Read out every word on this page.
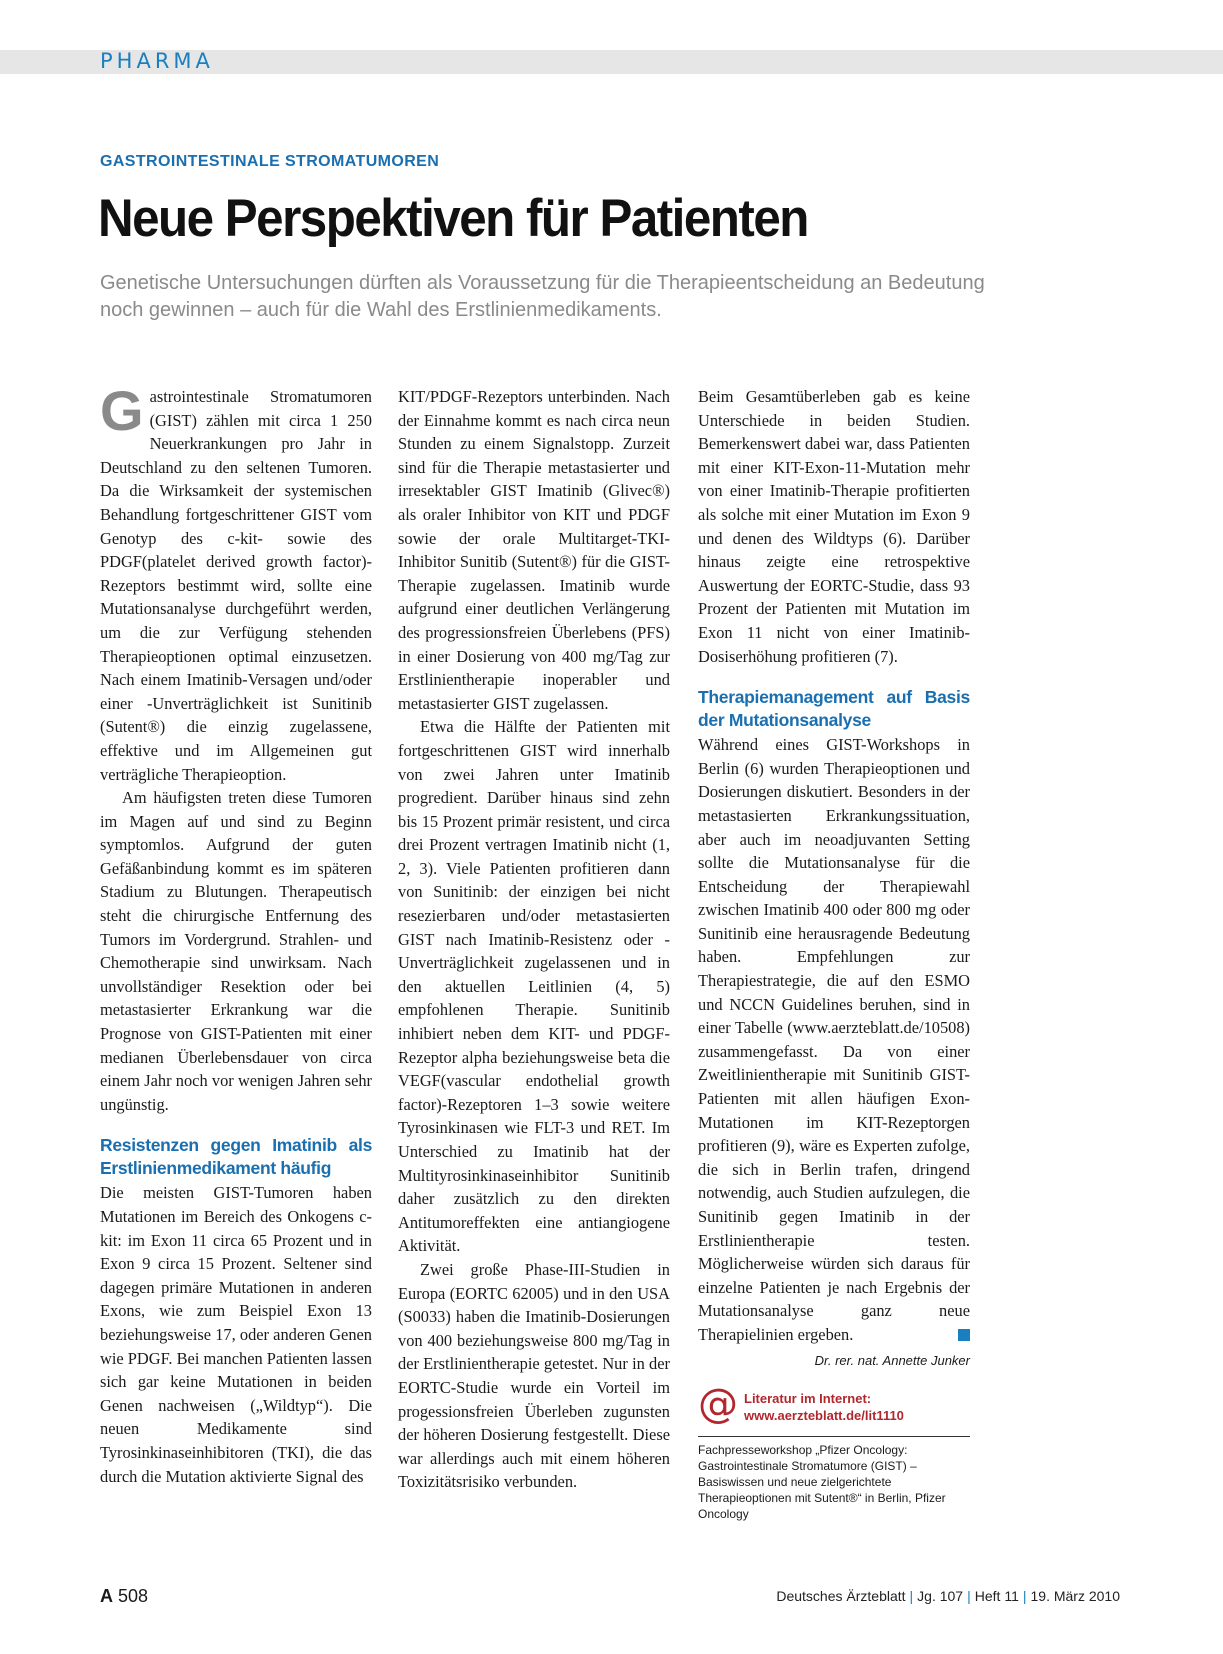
PHARMA
GASTROINTESTINALE STROMATUMOREN
Neue Perspektiven für Patienten
Genetische Untersuchungen dürften als Voraussetzung für die Therapieentscheidung an Bedeutung noch gewinnen – auch für die Wahl des Erstlinienmedikaments.

Gastrointestinale Stromatumoren (GIST) zählen mit circa 1 250 Neuerkrankungen pro Jahr in Deutschland zu den seltenen Tumoren. Da die Wirksamkeit der systemischen Behandlung fortgeschrittener GIST vom Genotyp des c-kit- sowie des PDGF(platelet derived growth factor)-Rezeptors bestimmt wird, sollte eine Mutationsanalyse durchgeführt werden, um die zur Verfügung stehenden Therapieoptionen optimal einzusetzen. Nach einem Imatinib-Versagen und/oder einer -Unverträglichkeit ist Sunitinib (Sutent®) die einzig zugelassene, effektive und im Allgemeinen gut verträgliche Therapieoption.

Am häufigsten treten diese Tumoren im Magen auf und sind zu Beginn symptomlos. Aufgrund der guten Gefäßanbindung kommt es im späteren Stadium zu Blutungen. Therapeutisch steht die chirurgische Entfernung des Tumors im Vordergrund. Strahlen- und Chemotherapie sind unwirksam. Nach unvollständiger Resektion oder bei metastasierter Erkrankung war die Prognose von GIST-Patienten mit einer medianen Überlebensdauer von circa einem Jahr noch vor wenigen Jahren sehr ungünstig.

Resistenzen gegen Imatinib als Erstlinienmedikament häufig

Die meisten GIST-Tumoren haben Mutationen im Bereich des Onkogens c-kit: im Exon 11 circa 65 Prozent und in Exon 9 circa 15 Prozent. Seltener sind dagegen primäre Mutationen in anderen Exons, wie zum Beispiel Exon 13 beziehungsweise 17, oder anderen Genen wie PDGF. Bei manchen Patienten lassen sich gar keine Mutationen in beiden Genen nachweisen („Wildtyp“). Die neuen Medikamente sind Tyrosinkinaseinhibitoren (TKI), die das durch die Mutation aktivierte Signal des

KIT/PDGF-Rezeptors unterbinden. Nach der Einnahme kommt es nach circa neun Stunden zu einem Signalstopp. Zurzeit sind für die Therapie metastasierter und irresektabler GIST Imatinib (Glivec®) als oraler Inhibitor von KIT und PDGF sowie der orale Multitarget-TKI-Inhibitor Sunitib (Sutent®) für die GIST-Therapie zugelassen. Imatinib wurde aufgrund einer deutlichen Verlängerung des progressionsfreien Überlebens (PFS) in einer Dosierung von 400 mg/Tag zur Erstlinientherapie inoperabler und metastasierter GIST zugelassen.

Etwa die Hälfte der Patienten mit fortgeschrittenen GIST wird innerhalb von zwei Jahren unter Imatinib progredient. Darüber hinaus sind zehn bis 15 Prozent primär resistent, und circa drei Prozent vertragen Imatinib nicht (1, 2, 3). Viele Patienten profitieren dann von Sunitinib: der einzigen bei nicht resezierbaren und/oder metastasierten GIST nach Imatinib-Resistenz oder -Unverträglichkeit zugelassenen und in den aktuellen Leitlinien (4, 5) empfohlenen Therapie. Sunitinib inhibiert neben dem KIT- und PDGF-Rezeptor alpha beziehungsweise beta die VEGF(vascular endothelial growth factor)-Rezeptoren 1–3 sowie weitere Tyrosinkinasen wie FLT-3 und RET. Im Unterschied zu Imatinib hat der Multityrosinkinaseinhibitor Sunitinib daher zusätzlich zu den direkten Antitumoreffekten eine antiangiogene Aktivität.

Zwei große Phase-III-Studien in Europa (EORTC 62005) und in den USA (S0033) haben die Imatinib-Dosierungen von 400 beziehungsweise 800 mg/Tag in der Erstlinientherapie getestet. Nur in der EORTC-Studie wurde ein Vorteil im progessionsfreien Überleben zugunsten der höheren Dosierung festgestellt. Diese war allerdings auch mit einem höheren Toxizitätsrisiko verbunden.

Beim Gesamtüberleben gab es keine Unterschiede in beiden Studien. Bemerkenswert dabei war, dass Patienten mit einer KIT-Exon-11-Mutation mehr von einer Imatinib-Therapie profitierten als solche mit einer Mutation im Exon 9 und denen des Wildtyps (6). Darüber hinaus zeigte eine retrospektive Auswertung der EORTC-Studie, dass 93 Prozent der Patienten mit Mutation im Exon 11 nicht von einer Imatinib-Dosiserhöhung profitieren (7).

Therapiemanagement auf Basis der Mutationsanalyse

Während eines GIST-Workshops in Berlin (6) wurden Therapieoptionen und Dosierungen diskutiert. Besonders in der metastasierten Erkrankungssituation, aber auch im neoadjuvanten Setting sollte die Mutationsanalyse für die Entscheidung der Therapiewahl zwischen Imatinib 400 oder 800 mg oder Sunitinib eine herausragende Bedeutung haben. Empfehlungen zur Therapiestrategie, die auf den ESMO und NCCN Guidelines beruhen, sind in einer Tabelle (www.aerzteblatt.de/10508) zusammengefasst. Da von einer Zweitlinientherapie mit Sunitinib GIST-Patienten mit allen häufigen Exon-Mutationen im KIT-Rezeptorgen profitieren (9), wäre es Experten zufolge, die sich in Berlin trafen, dringend notwendig, auch Studien aufzulegen, die Sunitinib gegen Imatinib in der Erstlinientherapie testen. Möglicherweise würden sich daraus für einzelne Patienten je nach Ergebnis der Mutationsanalyse ganz neue Therapielinien ergeben.

Dr. rer. nat. Annette Junker
@ Literatur im Internet:
www.aerzteblatt.de/lit1110
Fachpresseworkshop „Pfizer Oncology: Gastrointestinale Stromatumore (GIST) – Basiswissen und neue zielgerichtete Therapieoptionen mit Sutent®“ in Berlin, Pfizer Oncology
A 508	Deutsches Ärzteblatt | Jg. 107 | Heft 11 | 19. März 2010
